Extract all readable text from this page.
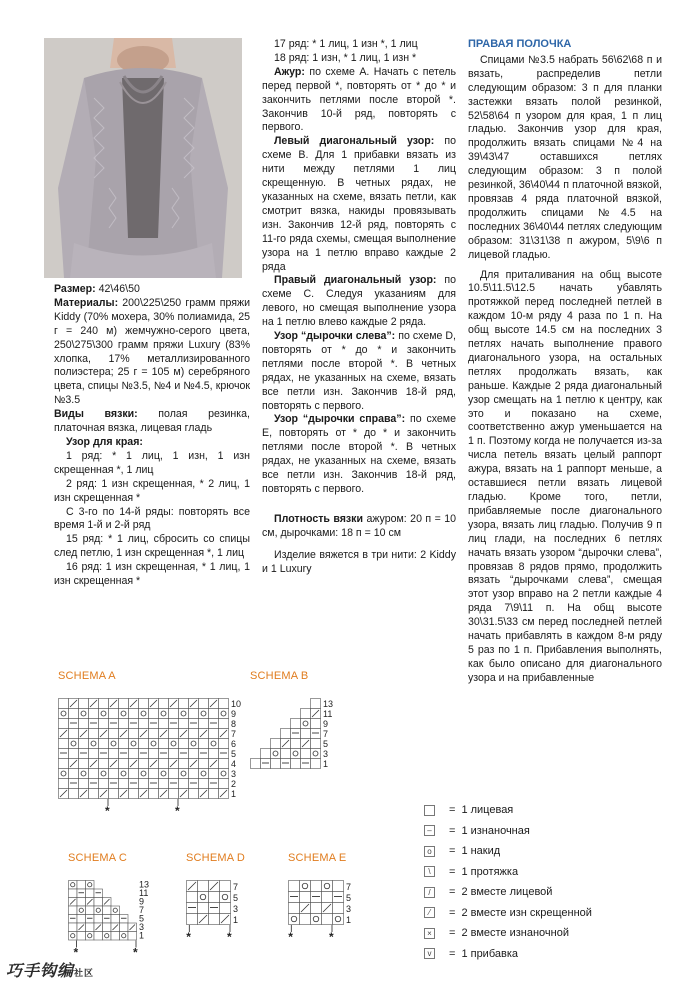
Размер: 42\46\50

Материалы: 200\225\250 грамм пряжи Kiddy (70% мохера, 30% полиамида, 25 г = 240 м) жемчужно-серого цвета, 250\275\300 грамм пряжи Luxury (83% хлопка, 17% металлизированного полиэстера; 25 г = 105 м) серебряного цвета, спицы №3.5, №4 и №4.5, крючок №3.5

Виды вязки: полая резинка, платочная вязка, лицевая гладь

Узор для края:

1 ряд: * 1 лиц, 1 изн, 1 изн скрещенная *, 1 лиц

2 ряд: 1 изн скрещенная, * 2 лиц, 1 изн скрещенная *

С 3-го по 14-й ряды: повторять все время 1-й и 2-й ряд

15 ряд: * 1 лиц, сбросить со спицы след петлю, 1 изн скрещенная *, 1 лиц

16 ряд: 1 изн скрещенная, * 1 лиц, 1 изн скрещенная *

17 ряд: * 1 лиц, 1 изн *, 1 лиц

18 ряд: 1 изн, * 1 лиц, 1 изн *

Ажур: по схеме A. Начать с петель перед первой *, повторять от * до * и закончить петлями после второй *. Закончив 10-й ряд, повторять с первого.

Левый диагональный узор: по схеме B. Для 1 прибавки вязать из нити между петлями 1 лиц скрещенную. В четных рядах, не указанных на схеме, вязать петли, как смотрит вязка, накиды провязывать изн. Закончив 12-й ряд, повторять с 11-го ряда схемы, смещая выполнение узора на 1 петлю вправо каждые 2 ряда

Правый диагональный узор: по схеме C. Следуя указаниям для левого, но смещая выполнение узора на 1 петлю влево каждые 2 ряда.

Узор “дырочки слева”: по схеме D, повторять от * до * и закончить петлями после второй *. В четных рядах, не указанных на схеме, вязать все петли изн. Закончив 18-й ряд, повторять с первого.

Узор “дырочки справа”: по схеме E, повторять от * до * и закончить петлями после второй *. В четных рядах, не указанных на схеме, вязать все петли изн. Закончив 18-й ряд, повторять с первого.

Плотность вязки ажуром: 20 п = 10 см, дырочками: 18 п = 10 см

Изделие вяжется в три нити: 2 Kiddy и 1 Luxury

ПРАВАЯ ПОЛОЧКА

Спицами №3.5 набрать 56\62\68 п и вязать, распределив петли следующим образом: 3 п для планки застежки вязать полой резинкой, 52\58\64 п узором для края, 1 п лиц гладью. Закончив узор для края, продолжить вязать спицами №4 на 39\43\47 оставшихся петлях следующим образом: 3 п полой резинкой, 36\40\44 п платочной вязкой, провязав 4 ряда платочной вязкой, продолжить спицами №4.5 на последних 36\40\44 петлях следующим образом: 31\31\38 п ажуром, 5\9\6 п лицевой гладью.

Для приталивания на общ высоте 10.5\11.5\12.5 начать убавлять протяжкой перед последней петлей в каждом 10-м ряду 4 раза по 1 п. На общ высоте 14.5 см на последних 3 петлях начать выполнение правого диагонального узора, на остальных петлях продолжать вязать, как раньше. Каждые 2 ряда диагональный узор смещать на 1 петлю к центру, как это и показано на схеме, соответственно ажур уменьшается на 1 п. Поэтому когда не получается из-за числа петель вязать целый раппорт ажура, вязать на 1 раппорт меньше, а оставшиеся петли вязать лицевой гладью. Кроме того, петли, прибавляемые после диагонального узора, вязать лиц гладью. Получив 9 п лиц глади, на последних 6 петлях начать вязать узором “дырочки слева”, провязав 8 рядов прямо, продолжить вязать “дырочками слева”, смещая этот узор вправо на 2 петли каждые 4 ряда 7\9\11 п. На общ высоте 30\31.5\33 см перед последней петлей начать прибавлять в каждом 8-м ряду 5 раз по 1 п. Прибавления выполнять, как было описано для диагонального узора и на прибавленные

SCHEMA A	SCHEMA B
SCHEMA C	SCHEMA D	SCHEMA E
10
9
8
7
6
5
4
3
2
1
*	*
13
11
9
7
5
3
1
13
11
9
7
5
3
1
*	*
7
5
3
1
*	*
7
5
3
1
*	*
= 1 лицевая
– = 1 изнаночная
o = 1 накид
\	= 1 протяжка
/	= 2 вместе лицевой
⁄	= 2 вместе изн скрещенной
× = 2 вместе изнаночной
v	= 1 прибавка
巧手钩编社区
